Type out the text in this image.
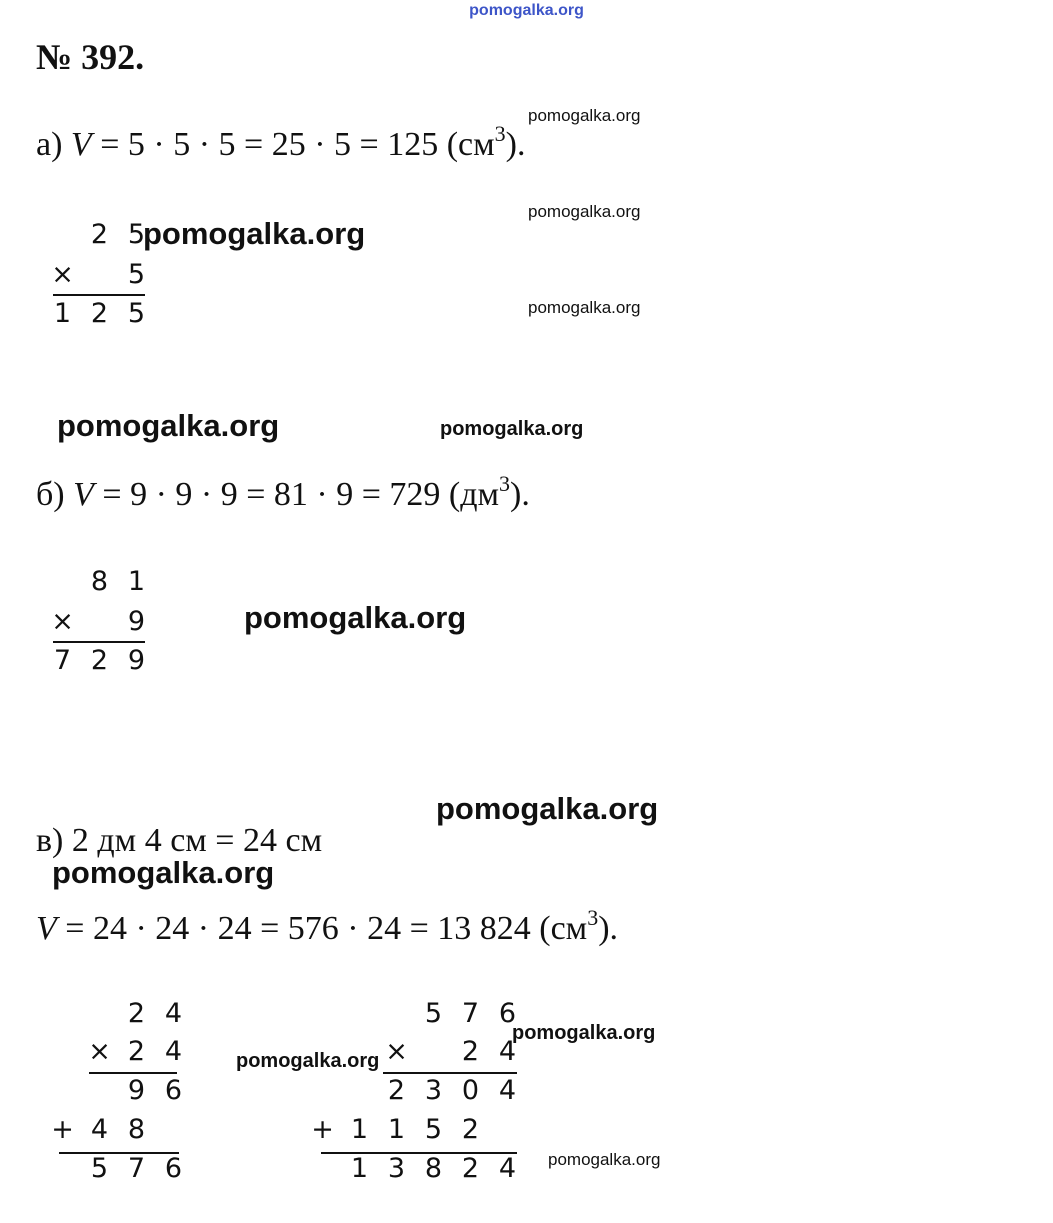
pomogalka.org
№ 392.
а) V = 5 · 5 · 5 = 25 · 5 = 125 $(см^3)$.
pomogalka.org
pomogalka.org
pomogalka.org
2 5
×	5
1 2 5
pomogalka.org
pomogalka.org	pomogalka.org
б) V = 9 · 9 · 9 = 81 · 9 = 729 $(дм^3)$.
8 1
×	9
7 2 9
pomogalka.org
pomogalka.org
в) 2 дм 4 см = 24 см
pomogalka.org
V = 24 · 24 · 24 = 576 · 24 = 13 824 $(см^3)$.
2 4
× 2 4
9 6
+ 4 8
5 7 6
pomogalka.org
5 7 6
×	2 4
2 3 0 4
+ 1 1 5 2
1 3 8 2 4
pomogalka.org
pomogalka.org
